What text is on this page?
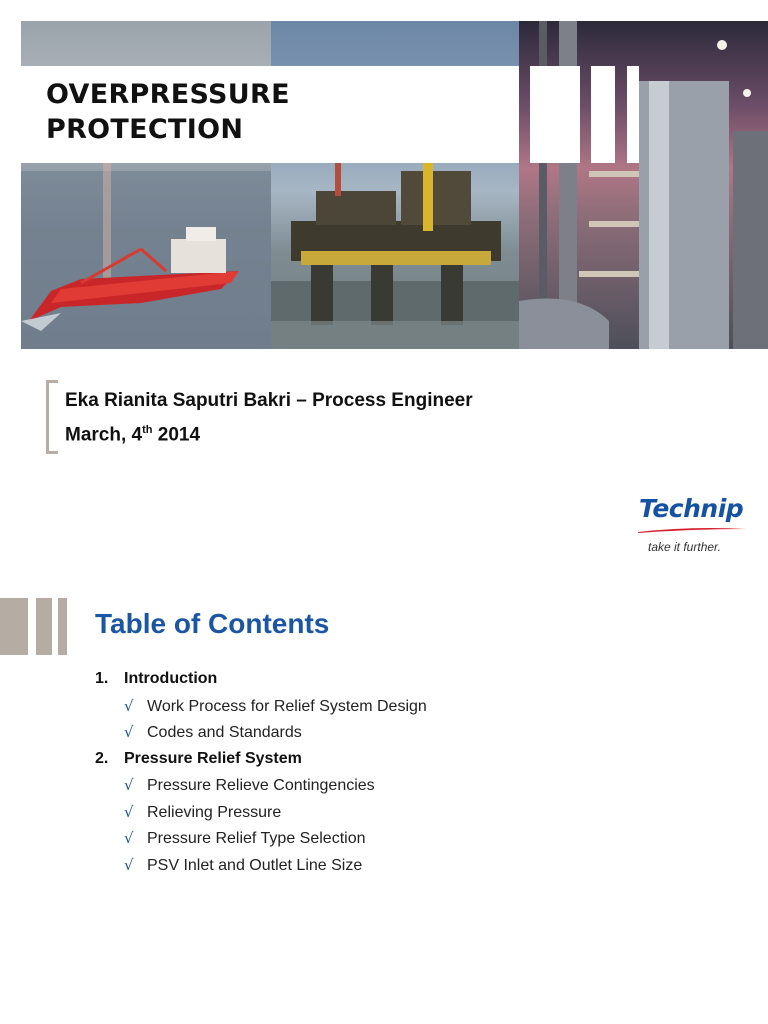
OVERPRESSURE
PROTECTION

Eka Rianita Saputri Bakri – Process Engineer

March, 4th 2014

Technip

take it further.

Table of Contents
1. Introduction
√ Work Process for Relief System Design
√ Codes and Standards
2. Pressure Relief System
√ Pressure Relieve Contingencies
√ Relieving Pressure
√ Pressure Relief Type Selection
√ PSV Inlet and Outlet Line Size
